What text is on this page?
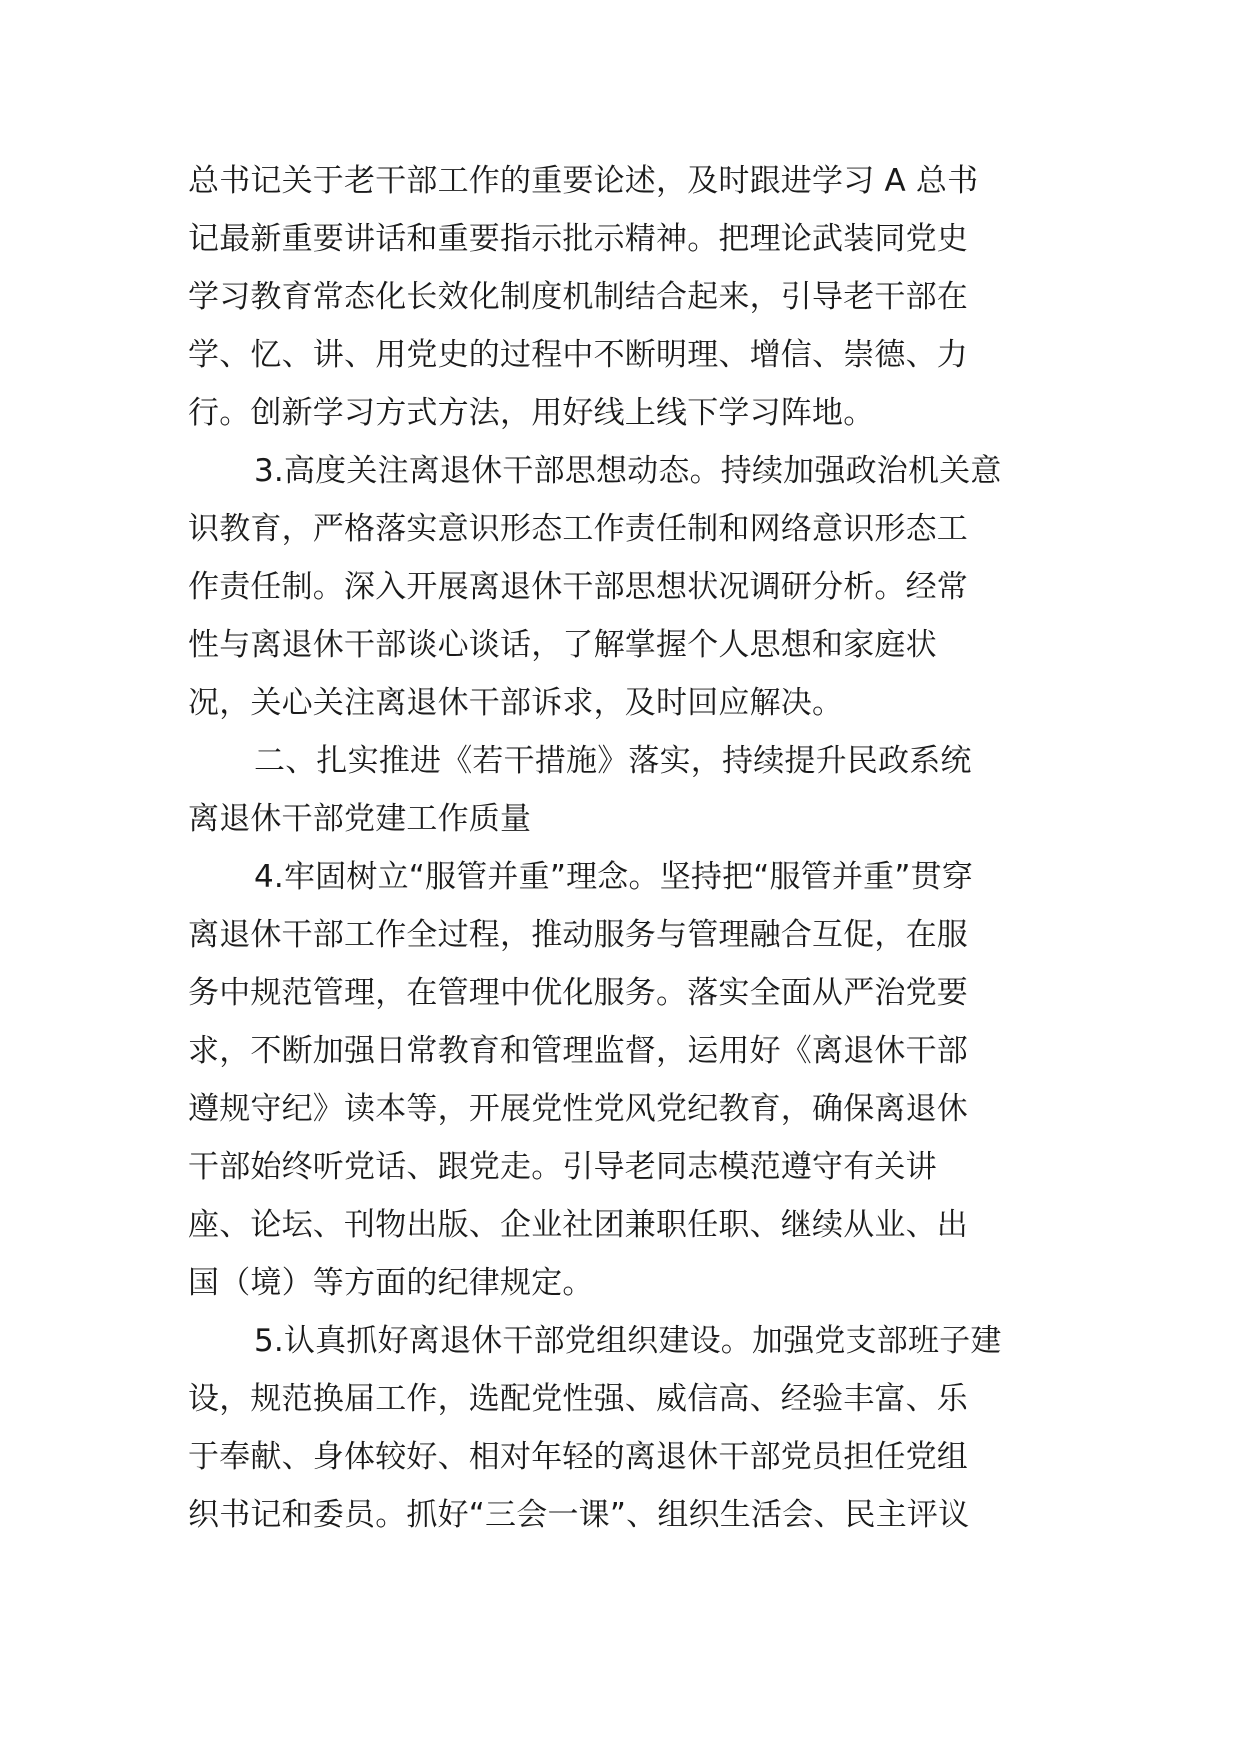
总书记关于老干部工作的重要论述，及时跟进学习 A 总书
记最新重要讲话和重要指示批示精神。把理论武装同党史
学习教育常态化长效化制度机制结合起来，引导老干部在
学、忆、讲、用党史的过程中不断明理、增信、崇德、力
行。创新学习方式方法，用好线上线下学习阵地。
3.高度关注离退休干部思想动态。持续加强政治机关意
识教育，严格落实意识形态工作责任制和网络意识形态工
作责任制。深入开展离退休干部思想状况调研分析。经常
性与离退休干部谈心谈话，了解掌握个人思想和家庭状
况，关心关注离退休干部诉求，及时回应解决。
二、扎实推进《若干措施》落实，持续提升民政系统
离退休干部党建工作质量
4.牢固树立“服管并重”理念。坚持把“服管并重”贯穿
离退休干部工作全过程，推动服务与管理融合互促，在服
务中规范管理，在管理中优化服务。落实全面从严治党要
求，不断加强日常教育和管理监督，运用好《离退休干部
遵规守纪》读本等，开展党性党风党纪教育，确保离退休
干部始终听党话、跟党走。引导老同志模范遵守有关讲
座、论坛、刊物出版、企业社团兼职任职、继续从业、出
国（境）等方面的纪律规定。
5.认真抓好离退休干部党组织建设。加强党支部班子建
设，规范换届工作，选配党性强、威信高、经验丰富、乐
于奉献、身体较好、相对年轻的离退休干部党员担任党组
织书记和委员。抓好“三会一课”、组织生活会、民主评议
